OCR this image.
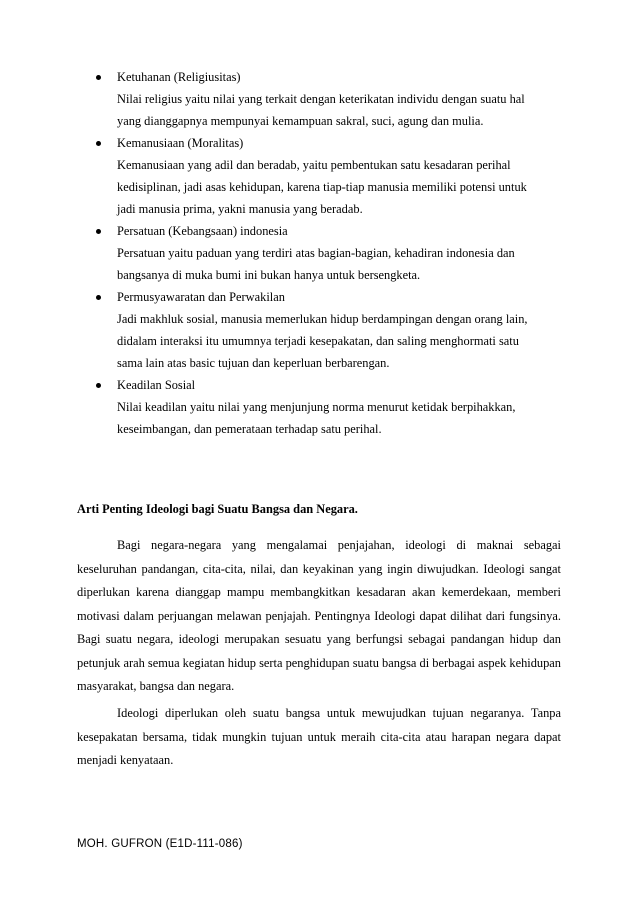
Ketuhanan (Religiusitas)
Nilai religius yaitu nilai yang terkait dengan keterikatan individu dengan suatu hal
yang dianggapnya mempunyai kemampuan sakral, suci, agung dan mulia.
Kemanusiaan (Moralitas)
Kemanusiaan yang adil dan beradab, yaitu pembentukan satu kesadaran perihal
kedisiplinan, jadi asas kehidupan, karena tiap-tiap manusia memiliki potensi untuk
jadi manusia prima, yakni manusia yang beradab.
Persatuan (Kebangsaan) indonesia
Persatuan yaitu paduan yang terdiri atas bagian-bagian, kehadiran indonesia dan
bangsanya di muka bumi ini bukan hanya untuk bersengketa.
Permusyawaratan dan Perwakilan
Jadi makhluk sosial, manusia memerlukan hidup berdampingan dengan orang lain,
didalam interaksi itu umumnya terjadi kesepakatan, dan saling menghormati satu
sama lain atas basic tujuan dan keperluan berbarengan.
Keadilan Sosial
Nilai keadilan yaitu nilai yang menjunjung norma menurut ketidak berpihakkan,
keseimbangan, dan pemerataan terhadap satu perihal.
Arti Penting Ideologi bagi Suatu Bangsa dan Negara.

Bagi negara-negara yang mengalamai penjajahan, ideologi di maknai sebagai keseluruhan pandangan, cita-cita, nilai, dan keyakinan yang ingin diwujudkan. Ideologi sangat diperlukan karena dianggap mampu membangkitkan kesadaran akan kemerdekaan, memberi motivasi dalam perjuangan melawan penjajah. Pentingnya Ideologi dapat dilihat dari fungsinya. Bagi suatu negara, ideologi merupakan sesuatu yang berfungsi sebagai pandangan hidup dan petunjuk arah semua kegiatan hidup serta penghidupan suatu bangsa di berbagai aspek kehidupan masyarakat, bangsa dan negara.

Ideologi diperlukan oleh suatu bangsa untuk mewujudkan tujuan negaranya. Tanpa kesepakatan bersama, tidak mungkin tujuan untuk meraih cita-cita atau harapan negara dapat menjadi kenyataan.

MOH. GUFRON (E1D-111-086)
